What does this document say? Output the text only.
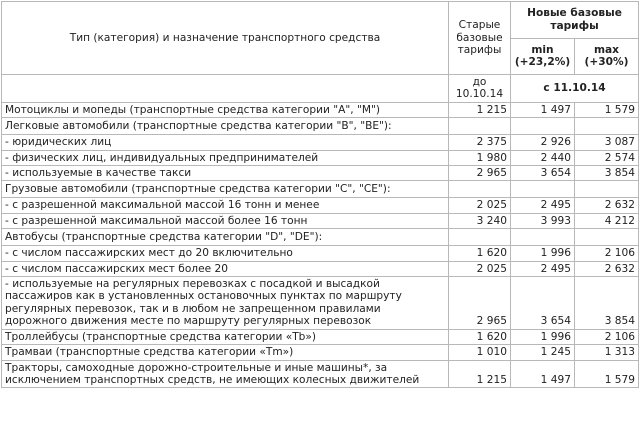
Тип (категория) и назначение транспортного средства	Старые базовые тарифы	Новые базовые тарифы	
		min (+23,2%)	max (+30%)
	до 10.10.14	с 11.10.14	
Мотоциклы и мопеды (транспортные средства категории "A", "M")	1 215	1 497	1 579
Легковые автомобили (транспортные средства категории "B", "BE"):			
- юридических лиц	2 375	2 926	3 087
- физических лиц, индивидуальных предпринимателей	1 980	2 440	2 574
- используемые в качестве такси	2 965	3 654	3 854
Грузовые автомобили (транспортные средства категории "C", "CE"):			
- с разрешенной максимальной массой 16 тонн и менее	2 025	2 495	2 632
- с разрешенной максимальной массой более 16 тонн	3 240	3 993	4 212
Автобусы (транспортные средства категории "D", "DE"):			
- с числом пассажирских мест до 20 включительно	1 620	1 996	2 106
- с числом пассажирских мест более 20	2 025	2 495	2 632
- используемые на регулярных перевозках с посадкой и высадкой пассажиров как в установленных остановочных пунктах по маршруту регулярных перевозок, так и в любом не запрещенном правилами дорожного движения месте по маршруту регулярных перевозок	2 965	3 654	3 854
Троллейбусы (транспортные средства категории «Tb»)	1 620	1 996	2 106
Трамваи (транспортные средства категории «Tm»)	1 010	1 245	1 313
Тракторы, самоходные дорожно-строительные и иные машины*, за исключением транспортных средств, не имеющих колесных движителей	1 215	1 497	1 579
